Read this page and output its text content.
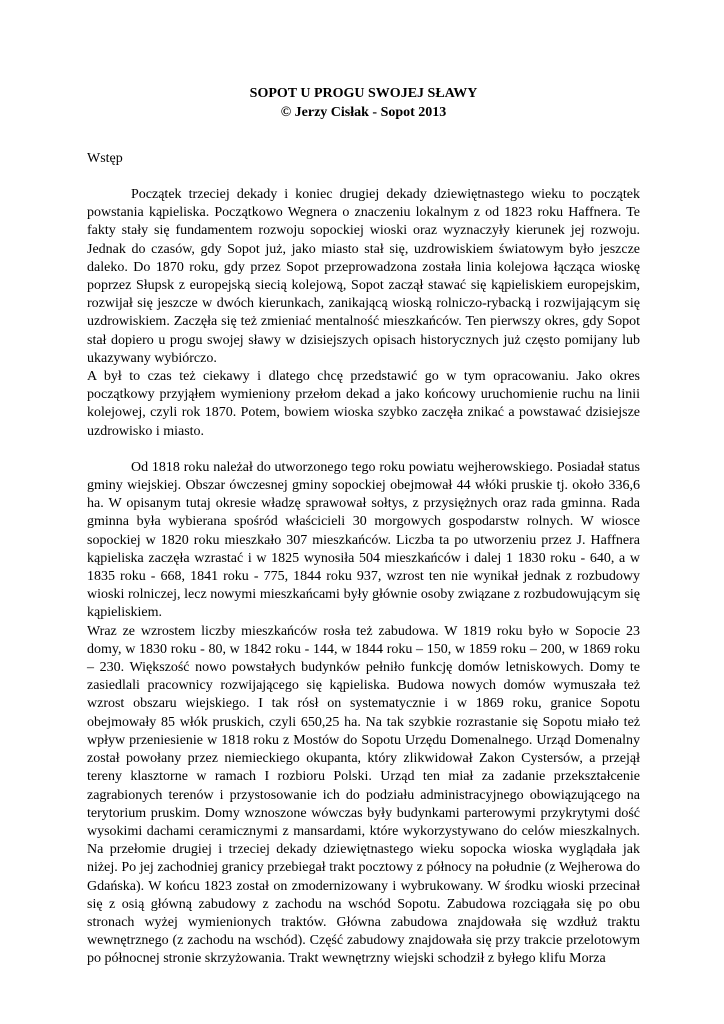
SOPOT U PROGU SWOJEJ SŁAWY
© Jerzy Cisłak - Sopot 2013
Wstęp

Początek trzeciej dekady i koniec drugiej dekady dziewiętnastego wieku to początek powstania kąpieliska. Początkowo Wegnera o znaczeniu lokalnym z od 1823 roku Haffnera. Te fakty stały się fundamentem rozwoju sopockiej wioski oraz wyznaczyły kierunek jej rozwoju. Jednak do czasów, gdy Sopot już, jako miasto stał się, uzdrowiskiem światowym było jeszcze daleko. Do 1870 roku, gdy przez Sopot przeprowadzona została linia kolejowa łącząca wioskę poprzez Słupsk z europejską siecią kolejową, Sopot zaczął stawać się kąpieliskiem europejskim, rozwijał się jeszcze w dwóch kierunkach, zanikającą wioską rolniczo-rybacką i rozwijającym się uzdrowiskiem. Zaczęła się też zmieniać mentalność mieszkańców. Ten pierwszy okres, gdy Sopot stał dopiero u progu swojej sławy w dzisiejszych opisach historycznych już często pomijany lub ukazywany wybiórczo.

A był to czas też ciekawy i dlatego chcę przedstawić go w tym opracowaniu. Jako okres początkowy przyjąłem wymieniony przełom dekad a jako końcowy uruchomienie ruchu na linii kolejowej, czyli rok 1870. Potem, bowiem wioska szybko zaczęła znikać a powstawać dzisiejsze uzdrowisko i miasto.

Od 1818 roku należał do utworzonego tego roku powiatu wejherowskiego. Posiadał status gminy wiejskiej. Obszar ówczesnej gminy sopockiej obejmował 44 włóki pruskie tj. około 336,6 ha. W opisanym tutaj okresie władzę sprawował sołtys, z przysiężnych oraz rada gminna. Rada gminna była wybierana spośród właścicieli 30 morgowych gospodarstw rolnych. W wiosce sopockiej w 1820 roku mieszkało 307 mieszkańców. Liczba ta po utworzeniu przez J. Haffnera kąpieliska zaczęła wzrastać i w 1825 wynosiła 504 mieszkańców i dalej 1 1830 roku - 640, a w 1835 roku - 668, 1841 roku - 775, 1844 roku 937, wzrost ten nie wynikał jednak z rozbudowy wioski rolniczej, lecz nowymi mieszkańcami były głównie osoby związane z rozbudowującym się kąpieliskiem.

Wraz ze wzrostem liczby mieszkańców rosła też zabudowa. W 1819 roku było w Sopocie 23 domy, w 1830 roku - 80, w 1842 roku - 144, w 1844 roku – 150, w 1859 roku – 200, w 1869 roku – 230. Większość nowo powstałych budynków pełniło funkcję domów letniskowych. Domy te zasiedlali pracownicy rozwijającego się kąpieliska. Budowa nowych domów wymuszała też wzrost obszaru wiejskiego. I tak rósł on systematycznie i w 1869 roku, granice Sopotu obejmowały 85 włók pruskich, czyli 650,25 ha. Na tak szybkie rozrastanie się Sopotu miało też wpływ przeniesienie w 1818 roku z Mostów do Sopotu Urzędu Domenalnego. Urząd Domenalny został powołany przez niemieckiego okupanta, który zlikwidował Zakon Cystersów, a przejął tereny klasztorne w ramach I rozbioru Polski. Urząd ten miał za zadanie przekształcenie zagrabionych terenów i przystosowanie ich do podziału administracyjnego obowiązującego na terytorium pruskim. Domy wznoszone wówczas były budynkami parterowymi przykrytymi dość wysokimi dachami ceramicznymi z mansardami, które wykorzystywano do celów mieszkalnych. Na przełomie drugiej i trzeciej dekady dziewiętnastego wieku sopocka wioska wyglądała jak niżej. Po jej zachodniej granicy przebiegał trakt pocztowy z północy na południe (z Wejherowa do Gdańska). W końcu 1823 został on zmodernizowany i wybrukowany. W środku wioski przecinał się z osią główną zabudowy z zachodu na wschód Sopotu. Zabudowa rozciągała się po obu stronach wyżej wymienionych traktów. Główna zabudowa znajdowała się wzdłuż traktu wewnętrznego (z zachodu na wschód). Część zabudowy znajdowała się przy trakcie przelotowym po północnej stronie skrzyżowania. Trakt wewnętrzny wiejski schodził z byłego klifu Morza
